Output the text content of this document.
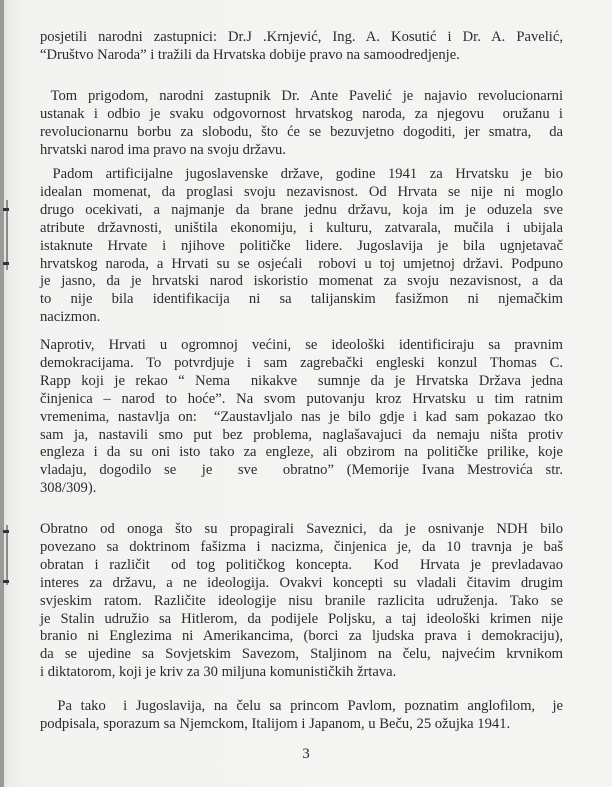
posjetili narodni zastupnici: Dr.J .Krnjević, Ing. A. Kosutić i Dr. A. Pavelić,
“Društvo Naroda” i tražili da Hrvatska dobije pravo na samoodredjenje.
Tom prigodom, narodni zastupnik Dr. Ante Pavelić je najavio revolucionarni
ustanak i odbio je svaku odgovornost hrvatskog naroda, za njegovu  oružanu i
revolucionarnu borbu za slobodu, što će se bezuvjetno dogoditi, jer smatra,  da
hrvatski narod ima pravo na svoju državu.
Padom artificijalne jugoslavenske države, godine 1941 za Hrvatsku je bio
idealan momenat, da proglasi svoju nezavisnost. Od Hrvata se nije ni moglo
drugo ocekivati, a najmanje da brane jednu državu, koja im je oduzela sve
atribute državnosti, uništila ekonomiju, i kulturu, zatvarala, mučila i ubijala
istaknute Hrvate i njihove političke lidere. Jugoslavija je bila ugnjetavač
hrvatskog naroda, a Hrvati su se osjećali  robovi u toj umjetnoj državi. Podpuno
je jasno, da je hrvatski narod iskoristio momenat za svoju nezavisnost, a da
to nije bila identifikacija ni sa talijanskim fasižmon ni njemačkim
nacizmon.
Naprotiv, Hrvati u ogromnoj većini, se ideološki identificiraju sa pravnim
demokracijama. To potvrdjuje i sam zagrebački engleski konzul Thomas C.
Rapp koji je rekao “ Nema  nikakve  sumnje da je Hrvatska Država jedna
činjenica – narod to hoće”. Na svom putovanju kroz Hrvatsku u tim ratnim
vremenima, nastavlja on:  “Zaustavljalo nas je bilo gdje i kad sam pokazao tko
sam ja, nastavili smo put bez problema, naglašavajuci da nemaju ništa protiv
engleza i da su oni isto tako za engleze, ali obzirom na političke prilike, koje
vladaju, dogodilo se  je  sve  obratno” (Memorije Ivana Mestrovića str.
308/309).
Obratno od onoga što su propagirali Saveznici, da je osnivanje NDH bilo
povezano sa doktrinom fašizma i nacizma, činjenica je, da 10 travnja je baš
obratan i različit  od tog političkog koncepta.  Kod  Hrvata je prevladavao
interes za državu, a ne ideologija. Ovakvi koncepti su vladali čitavim drugim
svjeskim ratom. Različite ideologije nisu branile razlicita udruženja. Tako se
je Stalin udružio sa Hitlerom, da podijele Poljsku, a taj ideološki krimen nije
branio ni Englezima ni Amerikancima, (borci za ljudska prava i demokraciju),
da se ujedine sa Sovjetskim Savezom, Staljinom na čelu, najvećim krvnikom
i diktatorom, koji je kriv za 30 miljuna komunističkih žrtava.
Pa tako  i Jugoslavija, na čelu sa princom Pavlom, poznatim anglofilom,  je
podpisala, sporazum sa Njemckom, Italijom i Japanom, u Beču, 25 ožujka 1941.
3
